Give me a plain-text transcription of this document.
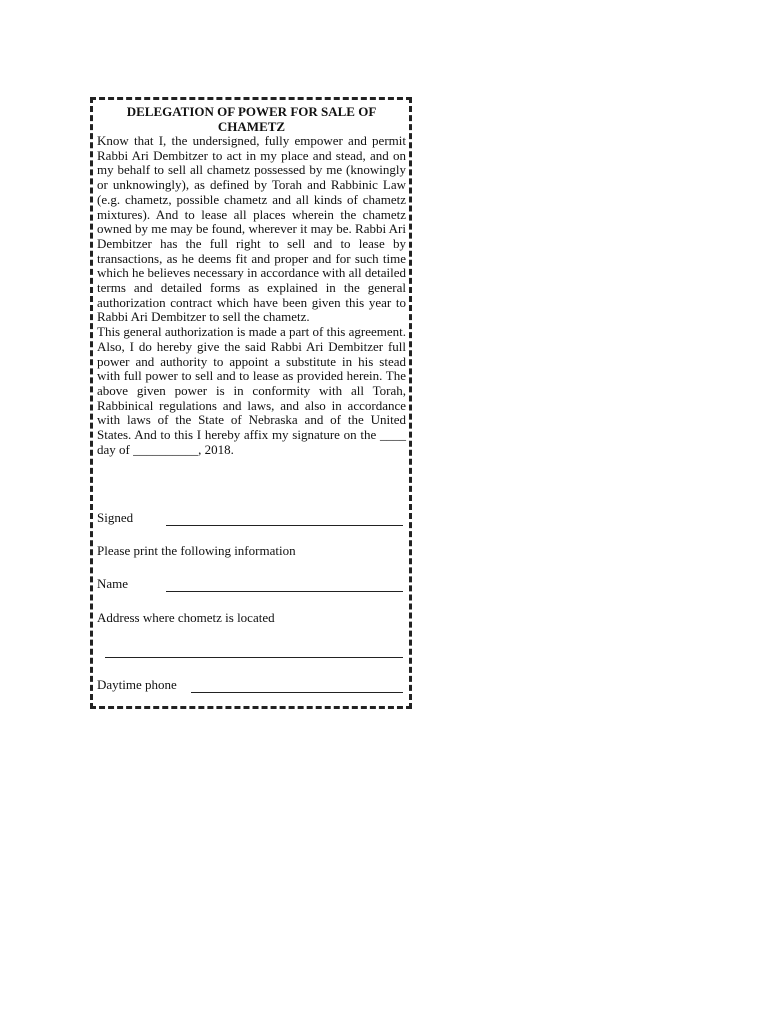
DELEGATION OF POWER FOR SALE OF CHAMETZ

Know that I, the undersigned, fully empower and permit Rabbi Ari Dembitzer to act in my place and stead, and on my behalf to sell all chametz possessed by me (knowingly or unknowingly), as defined by Torah and Rabbinic Law (e.g. chametz, possible chametz and all kinds of chametz mixtures). And to lease all places wherein the chametz owned by me may be found, wherever it may be. Rabbi Ari Dembitzer has the full right to sell and to lease by transactions, as he deems fit and proper and for such time which he believes necessary in accordance with all detailed terms and detailed forms as explained in the general authorization contract which have been given this year to Rabbi Ari Dembitzer to sell the chametz.

This general authorization is made a part of this agreement. Also, I do hereby give the said Rabbi Ari Dembitzer full power and authority to appoint a substitute in his stead with full power to sell and to lease as provided herein. The above given power is in conformity with all Torah, Rabbinical regulations and laws, and also in accordance with laws of the State of Nebraska and of the United States. And to this I hereby affix my signature on the ____ day of __________, 2018.

Signed
Please print the following information
Name
Address where chometz is located
Daytime phone
